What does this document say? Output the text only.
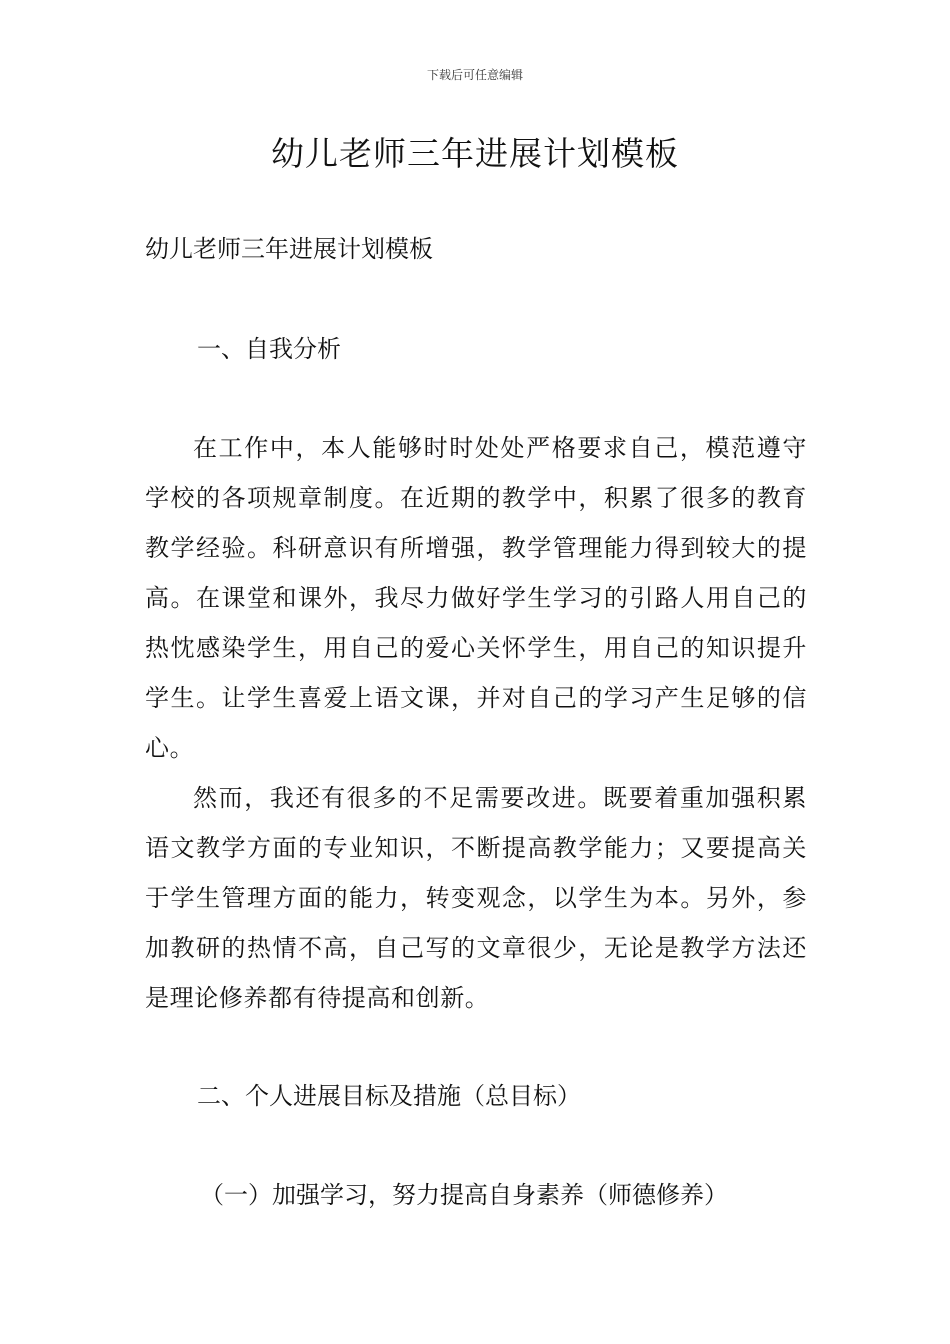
下载后可任意编辑
幼儿老师三年进展计划模板
幼儿老师三年进展计划模板
一、自我分析

在工作中，本人能够时时处处严格要求自己，模范遵守学校的各项规章制度。在近期的教学中，积累了很多的教育教学经验。科研意识有所增强，教学管理能力得到较大的提高。在课堂和课外，我尽力做好学生学习的引路人用自己的热忱感染学生，用自己的爱心关怀学生，用自己的知识提升学生。让学生喜爱上语文课，并对自己的学习产生足够的信心。

然而，我还有很多的不足需要改进。既要着重加强积累语文教学方面的专业知识，不断提高教学能力；又要提高关于学生管理方面的能力，转变观念，以学生为本。另外，参加教研的热情不高，自己写的文章很少，无论是教学方法还是理论修养都有待提高和创新。

二、个人进展目标及措施（总目标）
（一）加强学习，努力提高自身素养（师德修养）
